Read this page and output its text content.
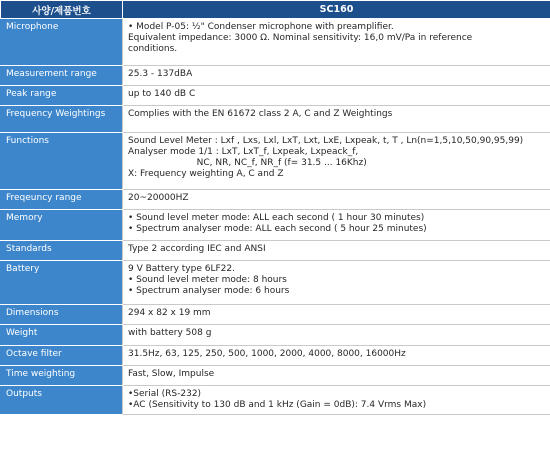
사양/제품번호	SC160
Microphone	• Model P-05: ½" Condenser microphone with preamplifier.
Equivalent impedance: 3000 Ω. Nominal sensitivity: 16,0 mV/Pa in reference
conditions.

Measurement range	25.3 - 137dBA

Peak range	up to 140 dB C

Frequency Weightings	Complies with the EN 61672 class 2 A, C and Z Weightings

Functions	Sound Level Meter : Lxf , Lxs, Lxl, LxT, Lxt, LxE, Lxpeak, t, T , Ln(n=1,5,10,50,90,95,99)
Analyser mode 1/1 : LxT, LxT_f, Lxpeak, Lxpeack_f,
NC, NR, NC_f, NR_f (f= 31.5 ... 16Khz)
X: Frequency weighting A, C and Z

Freqeuncy range	20~20000HZ

Memory	• Sound level meter mode: ALL each second ( 1 hour 30 minutes)
• Spectrum analyser mode: ALL each second ( 5 hour 25 minutes)

Standards	Type 2 according IEC and ANSI

Battery	9 V Battery type 6LF22.
• Sound level meter mode: 8 hours
• Spectrum analyser mode: 6 hours

Dimensions	294 x 82 x 19 mm

Weight	with battery 508 g

Octave filter	31.5Hz, 63, 125, 250, 500, 1000, 2000, 4000, 8000, 16000Hz

Time weighting	Fast, Slow, Impulse

Outputs	•Serial (RS-232)
•AC (Sensitivity to 130 dB and 1 kHz (Gain = 0dB): 7.4 Vrms Max)
